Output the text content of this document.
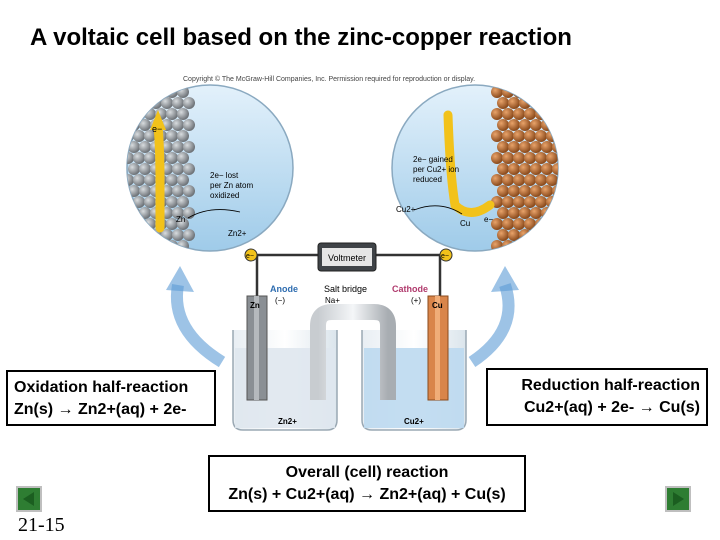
A voltaic cell based on the zinc-copper reaction
Copyright © The McGraw-Hill Companies, Inc. Permission required for reproduction or display.
e−
2e− lost per Zn atom oxidized
Zn
Zn2+
2e− gained per Cu2+ ion reduced
Cu2+
Cu e−
e−	e−
Voltmeter
Anode
(−)
Cathode
(+)
Salt bridge
Na+
SO42−
Zn	Cu
Zn2+	Cu2+
Oxidation half-reaction
Zn(s) → Zn2+(aq) + 2e-
Reduction half-reaction
Cu2+(aq) + 2e- → Cu(s)
Overall (cell) reaction
Zn(s) + Cu2+(aq) → Zn2+(aq) + Cu(s)
21-15
